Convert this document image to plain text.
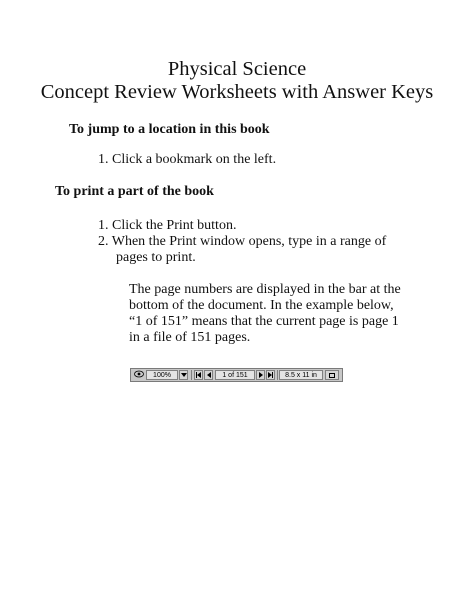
Physical Science
Concept Review Worksheets with Answer Keys
To jump to a location in this book
1. Click a bookmark on the left.
To print a part of the book
1. Click the Print button.
2. When the Print window opens, type in a range of
pages to print.
The page numbers are displayed in the bar at the
bottom of the document. In the example below,
“1 of 151” means that the current page is page 1
in a file of 151 pages.
100%	1 of 151	8.5 x 11 in
